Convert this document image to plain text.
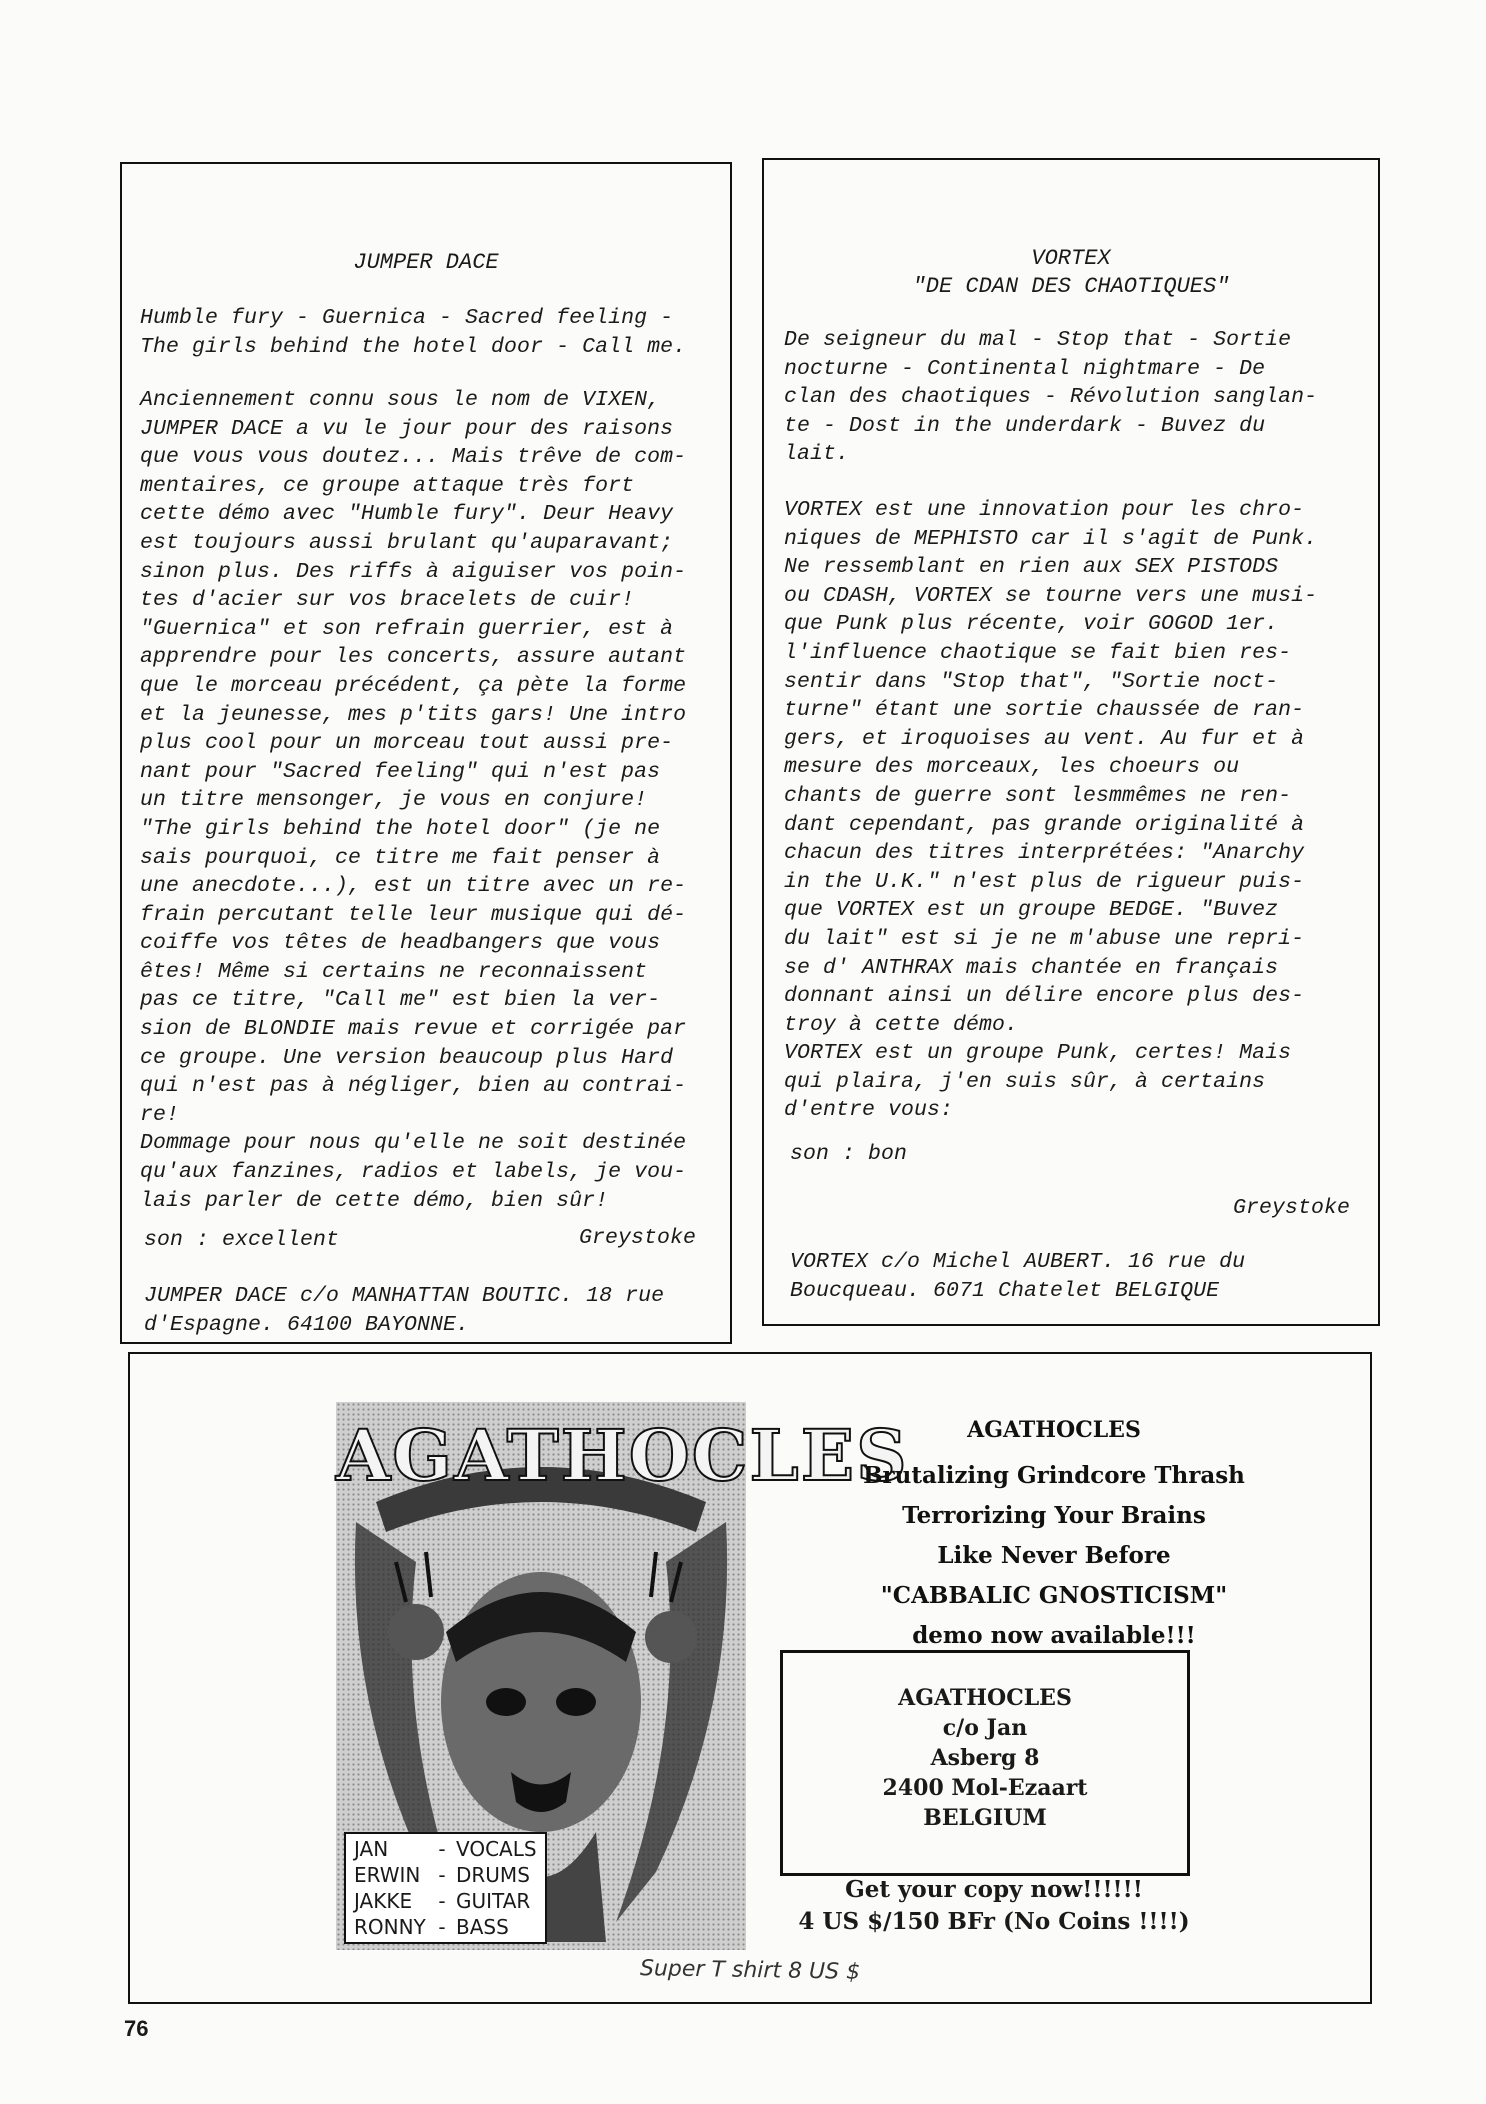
JUMPER DACE

Humble fury - Guernica - Sacred feeling -
The girls behind the hotel door - Call me.

Anciennement connu sous le nom de VIXEN,
JUMPER DACE a vu le jour pour des raisons
que vous vous doutez... Mais trêve de com-
mentaires, ce groupe attaque très fort
cette démo avec "Humble fury". Deur Heavy
est toujours aussi brulant qu'auparavant;
sinon plus. Des riffs à aiguiser vos poin-
tes d'acier sur vos bracelets de cuir!
"Guernica" et son refrain guerrier, est à
apprendre pour les concerts, assure autant
que le morceau précédent, ça pète la forme
et la jeunesse, mes p'tits gars! Une intro
plus cool pour un morceau tout aussi pre-
nant pour "Sacred feeling" qui n'est pas
un titre mensonger, je vous en conjure!
"The girls behind the hotel door" (je ne
sais pourquoi, ce titre me fait penser à
une anecdote...), est un titre avec un re-
frain percutant telle leur musique qui dé-
coiffe vos têtes de headbangers que vous
êtes! Même si certains ne reconnaissent
pas ce titre, "Call me" est bien la ver-
sion de BLONDIE mais revue et corrigée par
ce groupe. Une version beaucoup plus Hard
qui n'est pas à négliger, bien au contrai-
re!
Dommage pour nous qu'elle ne soit destinée
qu'aux fanzines, radios et labels, je vou-
lais parler de cette démo, bien sûr!

son : excellent	Greystoke

JUMPER DACE c/o MANHATTAN BOUTIC. 18 rue
d'Espagne. 64100 BAYONNE.

VORTEX

"DE CDAN DES CHAOTIQUES"

De seigneur du mal - Stop that - Sortie
nocturne - Continental nightmare - De
clan des chaotiques - Révolution sanglan-
te - Dost in the underdark - Buvez du
lait.

VORTEX est une innovation pour les chro-
niques de MEPHISTO car il s'agit de Punk.
Ne ressemblant en rien aux SEX PISTODS
ou CDASH, VORTEX se tourne vers une musi-
que Punk plus récente, voir GOGOD 1er.
l'influence chaotique se fait bien res-
sentir dans "Stop that", "Sortie noct-
turne" étant une sortie chaussée de ran-
gers, et iroquoises au vent. Au fur et à
mesure des morceaux, les choeurs ou
chants de guerre sont lesmmêmes ne ren-
dant cependant, pas grande originalité à
chacun des titres interprétées: "Anarchy
in the U.K." n'est plus de rigueur puis-
que VORTEX est un groupe BEDGE. "Buvez
du lait" est si je ne m'abuse une repri-
se d' ANTHRAX mais chantée en français
donnant ainsi un délire encore plus des-
troy à cette démo.
VORTEX est un groupe Punk, certes! Mais
qui plaira, j'en suis sûr, à certains
d'entre vous:

son : bon

Greystoke

VORTEX c/o Michel AUBERT. 16 rue du
Boucqueau. 6071 Chatelet BELGIQUE

AGATHOCLES
JAN	- VOCALS
ERWIN - DRUMS
JAKKE	- GUITAR
RONNY - BASS

AGATHOCLES

Brutalizing Grindcore Thrash

Terrorizing Your Brains

Like Never Before

"CABBALIC GNOSTICISM"

demo now available!!!

AGATHOCLES

c/o Jan

Asberg 8

2400 Mol-Ezaart

BELGIUM

Get your copy now!!!!!!
4 US $/150 BFr (No Coins !!!!)
Super T shirt 8 US $
76
